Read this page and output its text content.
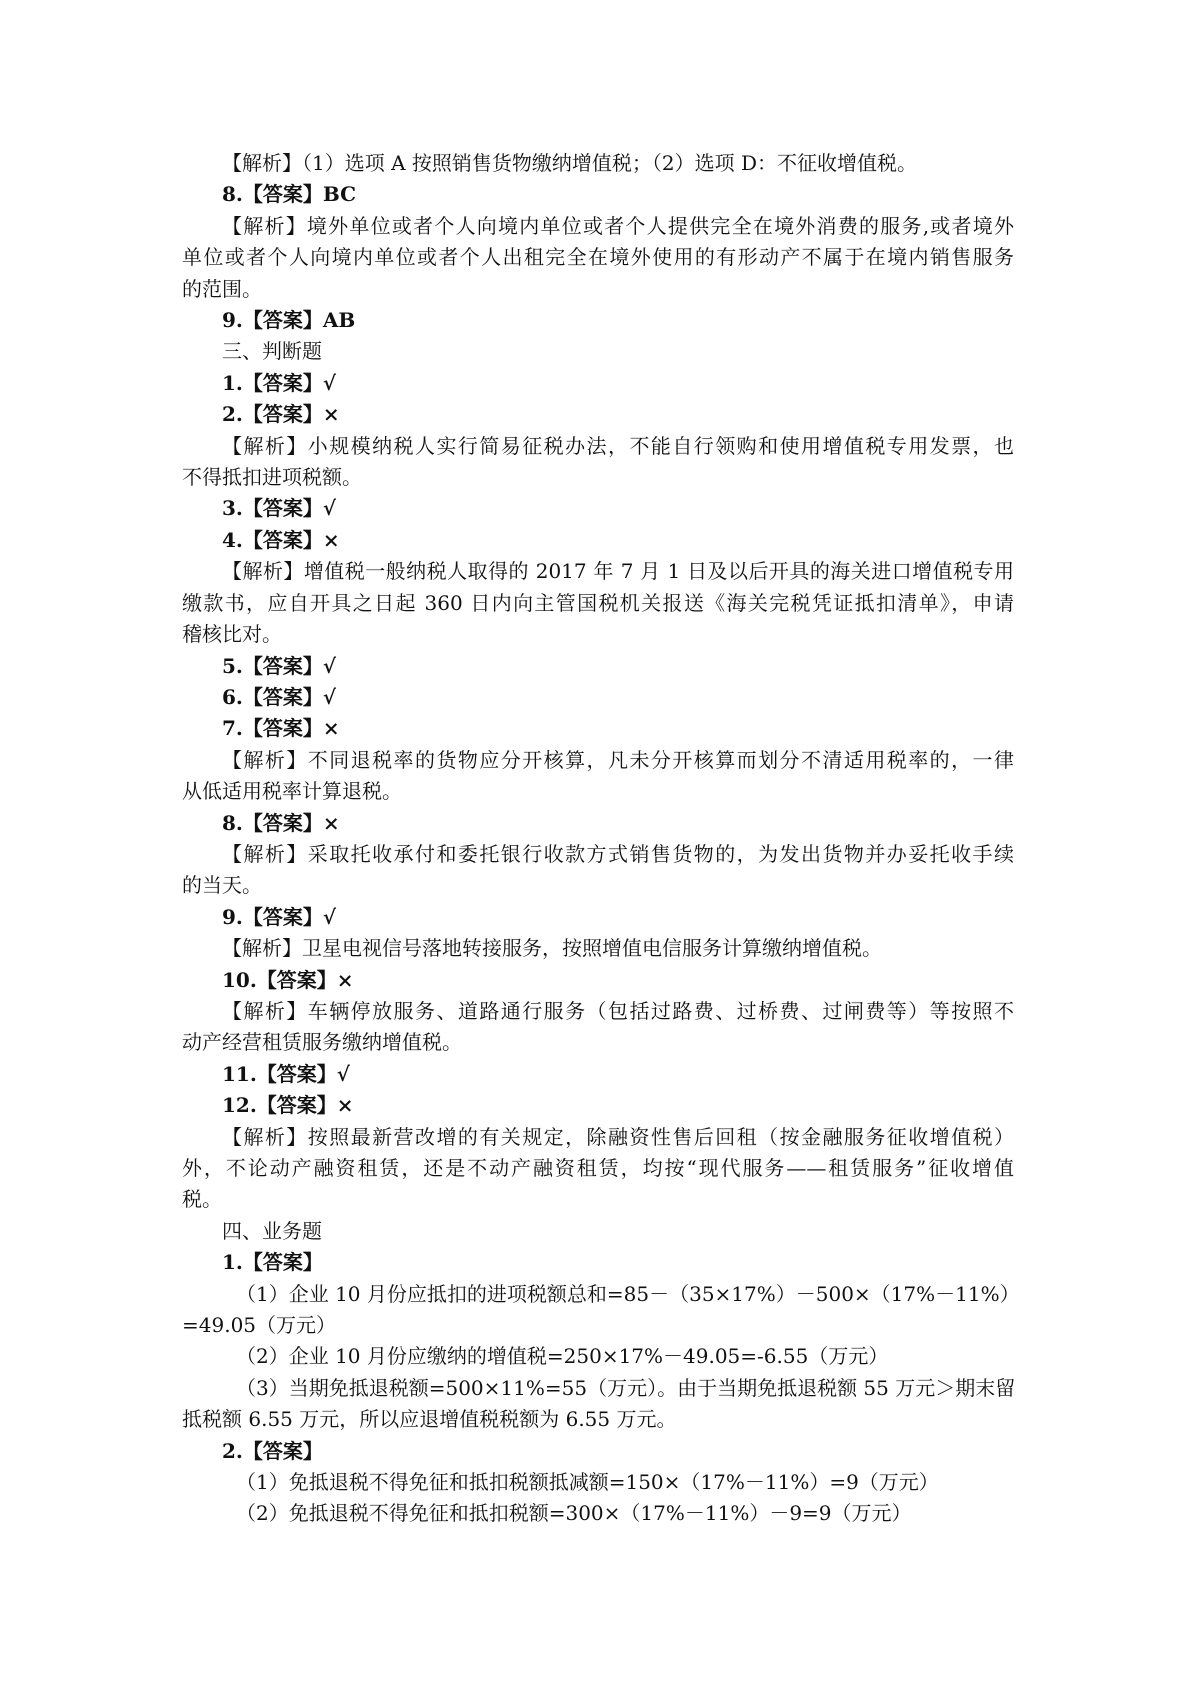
【解析】（1）选项 A 按照销售货物缴纳增值税；（2）选项 D：不征收增值税。
8.【答案】BC
【解析】境外单位或者个人向境内单位或者个人提供完全在境外消费的服务,或者境外
单位或者个人向境内单位或者个人出租完全在境外使用的有形动产不属于在境内销售服务
的范围。
9.【答案】AB
三、判断题
1.【答案】√
2.【答案】×
【解析】小规模纳税人实行简易征税办法，不能自行领购和使用增值税专用发票，也
不得抵扣进项税额。
3.【答案】√
4.【答案】×
【解析】增值税一般纳税人取得的 2017 年 7 月 1 日及以后开具的海关进口增值税专用
缴款书，应自开具之日起 360 日内向主管国税机关报送《海关完税凭证抵扣清单》，申请
稽核比对。
5.【答案】√
6.【答案】√
7.【答案】×
【解析】不同退税率的货物应分开核算，凡未分开核算而划分不清适用税率的，一律
从低适用税率计算退税。
8.【答案】×
【解析】采取托收承付和委托银行收款方式销售货物的，为发出货物并办妥托收手续
的当天。
9.【答案】√
【解析】卫星电视信号落地转接服务，按照增值电信服务计算缴纳增值税。
10.【答案】×
【解析】车辆停放服务、道路通行服务（包括过路费、过桥费、过闸费等）等按照不
动产经营租赁服务缴纳增值税。
11.【答案】√
12.【答案】×
【解析】按照最新营改增的有关规定，除融资性售后回租（按金融服务征收增值税）
外，不论动产融资租赁，还是不动产融资租赁，均按“现代服务——租赁服务”征收增值
税。
四、业务题
1.【答案】
（1）企业 10 月份应抵扣的进项税额总和=85－（35×17%）－500×（17%－11%）
=49.05（万元）
（2）企业 10 月份应缴纳的增值税=250×17%－49.05=-6.55（万元）
（3）当期免抵退税额=500×11%=55（万元）。由于当期免抵退税额 55 万元＞期末留
抵税额 6.55 万元，所以应退增值税税额为 6.55 万元。
2.【答案】
（1）免抵退税不得免征和抵扣税额抵减额=150×（17%－11%）=9（万元）
（2）免抵退税不得免征和抵扣税额=300×（17%－11%）－9=9（万元）
